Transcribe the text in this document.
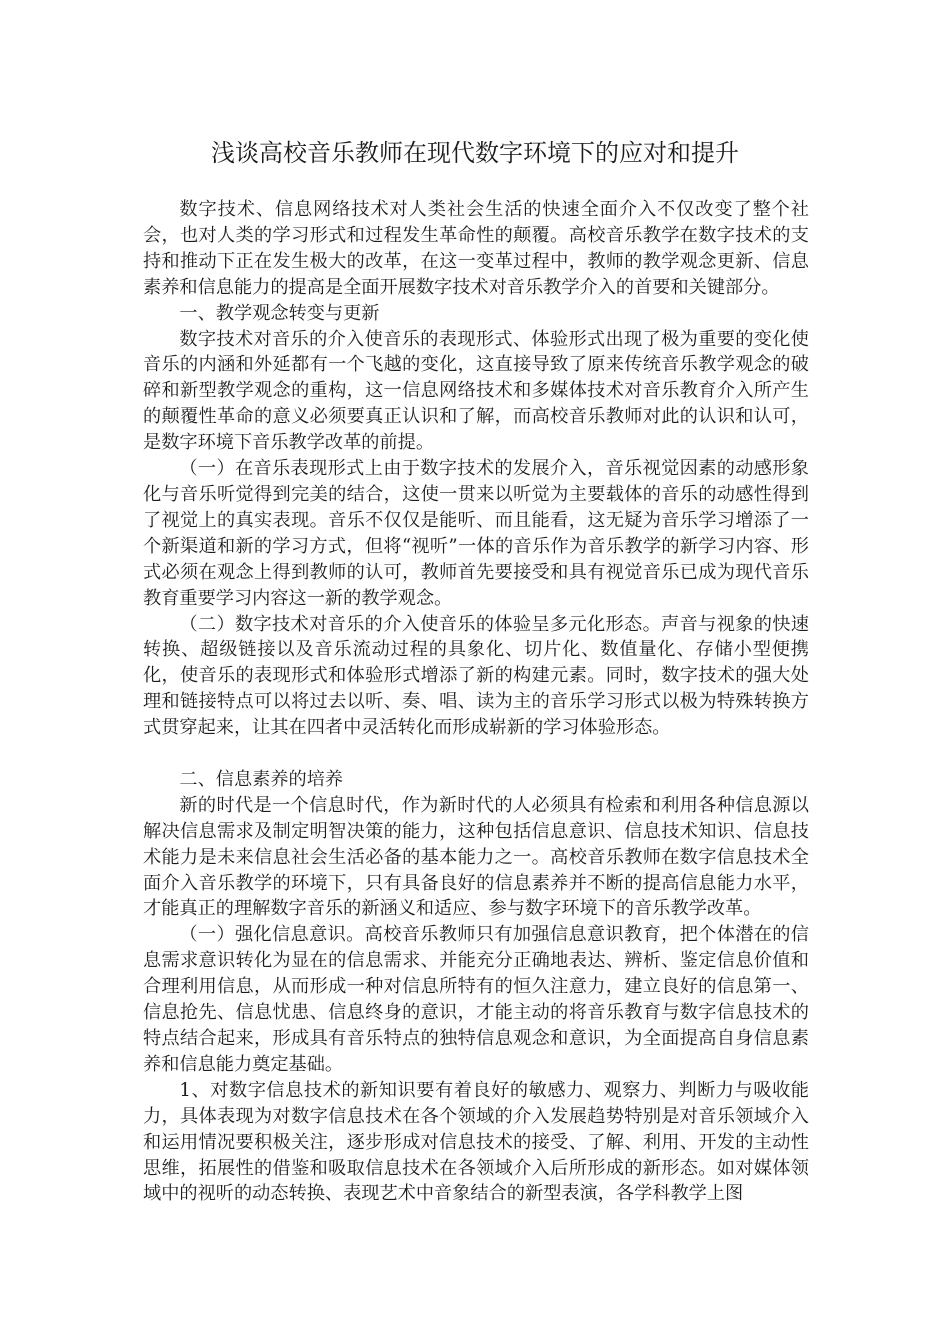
浅谈高校音乐教师在现代数字环境下的应对和提升

数字技术、信息网络技术对人类社会生活的快速全面介入不仅改变了整个社会，也对人类的学习形式和过程发生革命性的颠覆。高校音乐教学在数字技术的支持和推动下正在发生极大的改革，在这一变革过程中，教师的教学观念更新、信息素养和信息能力的提高是全面开展数字技术对音乐教学介入的首要和关键部分。

一、教学观念转变与更新

数字技术对音乐的介入使音乐的表现形式、体验形式出现了极为重要的变化使音乐的内涵和外延都有一个飞越的变化，这直接导致了原来传统音乐教学观念的破碎和新型教学观念的重构，这一信息网络技术和多媒体技术对音乐教育介入所产生的颠覆性革命的意义必须要真正认识和了解，而高校音乐教师对此的认识和认可，是数字环境下音乐教学改革的前提。

（一）在音乐表现形式上由于数字技术的发展介入，音乐视觉因素的动感形象化与音乐听觉得到完美的结合，这使一贯来以听觉为主要载体的音乐的动感性得到了视觉上的真实表现。音乐不仅仅是能听、而且能看，这无疑为音乐学习增添了一个新渠道和新的学习方式，但将“视听”一体的音乐作为音乐教学的新学习内容、形式必须在观念上得到教师的认可，教师首先要接受和具有视觉音乐已成为现代音乐教育重要学习内容这一新的教学观念。

（二）数字技术对音乐的介入使音乐的体验呈多元化形态。声音与视象的快速转换、超级链接以及音乐流动过程的具象化、切片化、数值量化、存储小型便携化，使音乐的表现形式和体验形式增添了新的构建元素。同时，数字技术的强大处理和链接特点可以将过去以听、奏、唱、读为主的音乐学习形式以极为特殊转换方式贯穿起来，让其在四者中灵活转化而形成崭新的学习体验形态。

二、信息素养的培养

新的时代是一个信息时代，作为新时代的人必须具有检索和利用各种信息源以解决信息需求及制定明智决策的能力，这种包括信息意识、信息技术知识、信息技术能力是未来信息社会生活必备的基本能力之一。高校音乐教师在数字信息技术全面介入音乐教学的环境下，只有具备良好的信息素养并不断的提高信息能力水平，才能真正的理解数字音乐的新涵义和适应、参与数字环境下的音乐教学改革。

（一）强化信息意识。高校音乐教师只有加强信息意识教育，把个体潜在的信息需求意识转化为显在的信息需求、并能充分正确地表达、辨析、鉴定信息价值和合理利用信息，从而形成一种对信息所特有的恒久注意力，建立良好的信息第一、信息抢先、信息忧患、信息终身的意识，才能主动的将音乐教育与数字信息技术的特点结合起来，形成具有音乐特点的独特信息观念和意识，为全面提高自身信息素养和信息能力奠定基础。

1、对数字信息技术的新知识要有着良好的敏感力、观察力、判断力与吸收能力，具体表现为对数字信息技术在各个领域的介入发展趋势特别是对音乐领域介入和运用情况要积极关注，逐步形成对信息技术的接受、了解、利用、开发的主动性思维，拓展性的借鉴和吸取信息技术在各领域介入后所形成的新形态。如对媒体领域中的视听的动态转换、表现艺术中音象结合的新型表演，各学科教学上图
